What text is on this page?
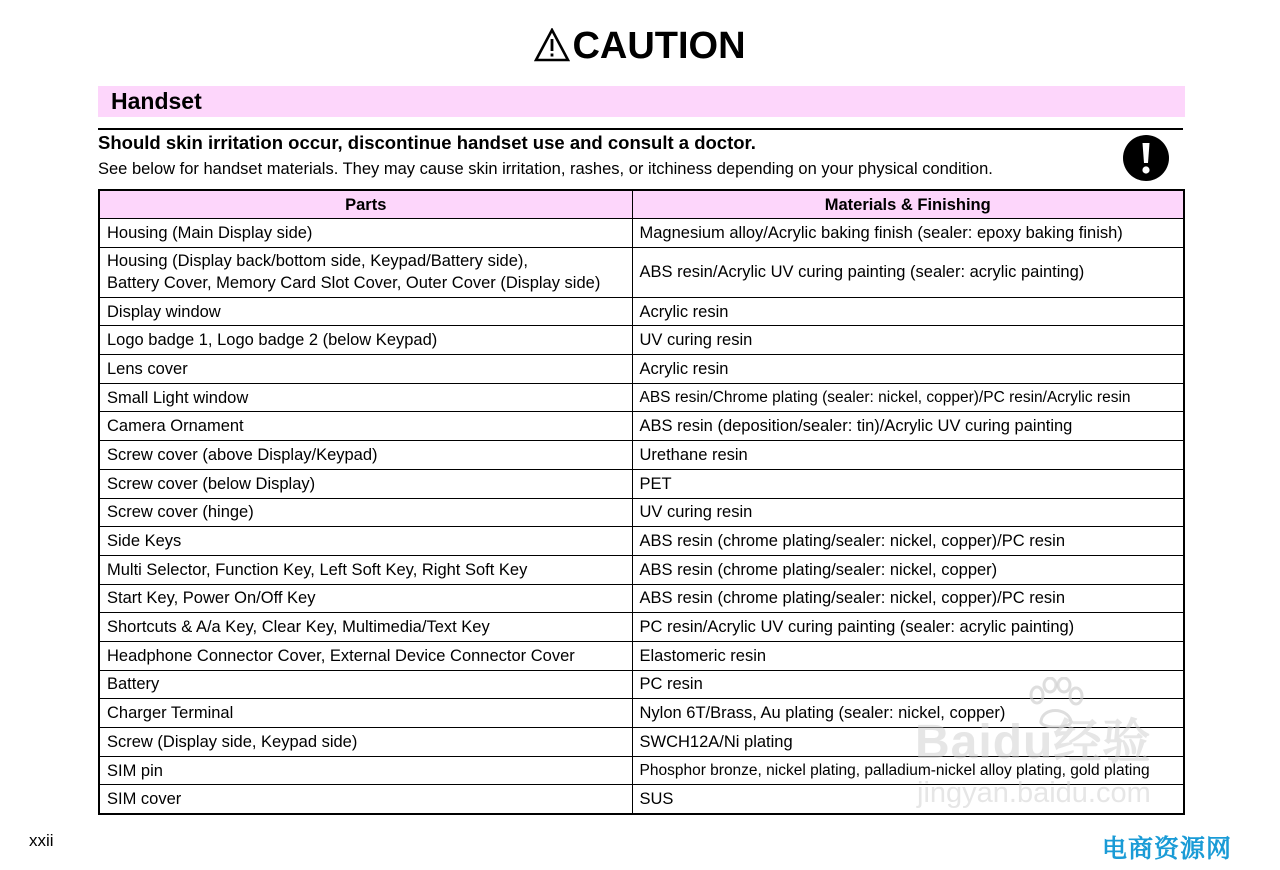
CAUTION
Handset
Should skin irritation occur, discontinue handset use and consult a doctor.
See below for handset materials. They may cause skin irritation, rashes, or itchiness depending on your physical condition.
Parts	Materials & Finishing
Housing (Main Display side)	Magnesium alloy/Acrylic baking finish (sealer: epoxy baking finish)

Housing (Display back/bottom side, Keypad/Battery side),
Battery Cover, Memory Card Slot Cover, Outer Cover (Display side)	ABS resin/Acrylic UV curing painting (sealer: acrylic painting)
Display window	Acrylic resin
Logo badge 1, Logo badge 2 (below Keypad)	UV curing resin
Lens cover	Acrylic resin
Small Light window	ABS resin/Chrome plating (sealer: nickel, copper)/PC resin/Acrylic resin
Camera Ornament	ABS resin (deposition/sealer: tin)/Acrylic UV curing painting
Screw cover (above Display/Keypad)	Urethane resin
Screw cover (below Display)	PET
Screw cover (hinge)	UV curing resin
Side Keys	ABS resin (chrome plating/sealer: nickel, copper)/PC resin
Multi Selector, Function Key, Left Soft Key, Right Soft Key	ABS resin (chrome plating/sealer: nickel, copper)
Start Key, Power On/Off Key	ABS resin (chrome plating/sealer: nickel, copper)/PC resin
Shortcuts & A/a Key, Clear Key, Multimedia/Text Key	PC resin/Acrylic UV curing painting (sealer: acrylic painting)
Headphone Connector Cover, External Device Connector Cover	Elastomeric resin
Battery	PC resin
Charger Terminal	Nylon 6T/Brass, Au plating (sealer: nickel, copper)
Screw (Display side, Keypad side)	SWCH12A/Ni plating
SIM pin	Phosphor bronze, nickel plating, palladium-nickel alloy plating, gold plating
SIM cover	SUS
xxii
Baidu经验
jingyan.baidu.com
电商资源网
